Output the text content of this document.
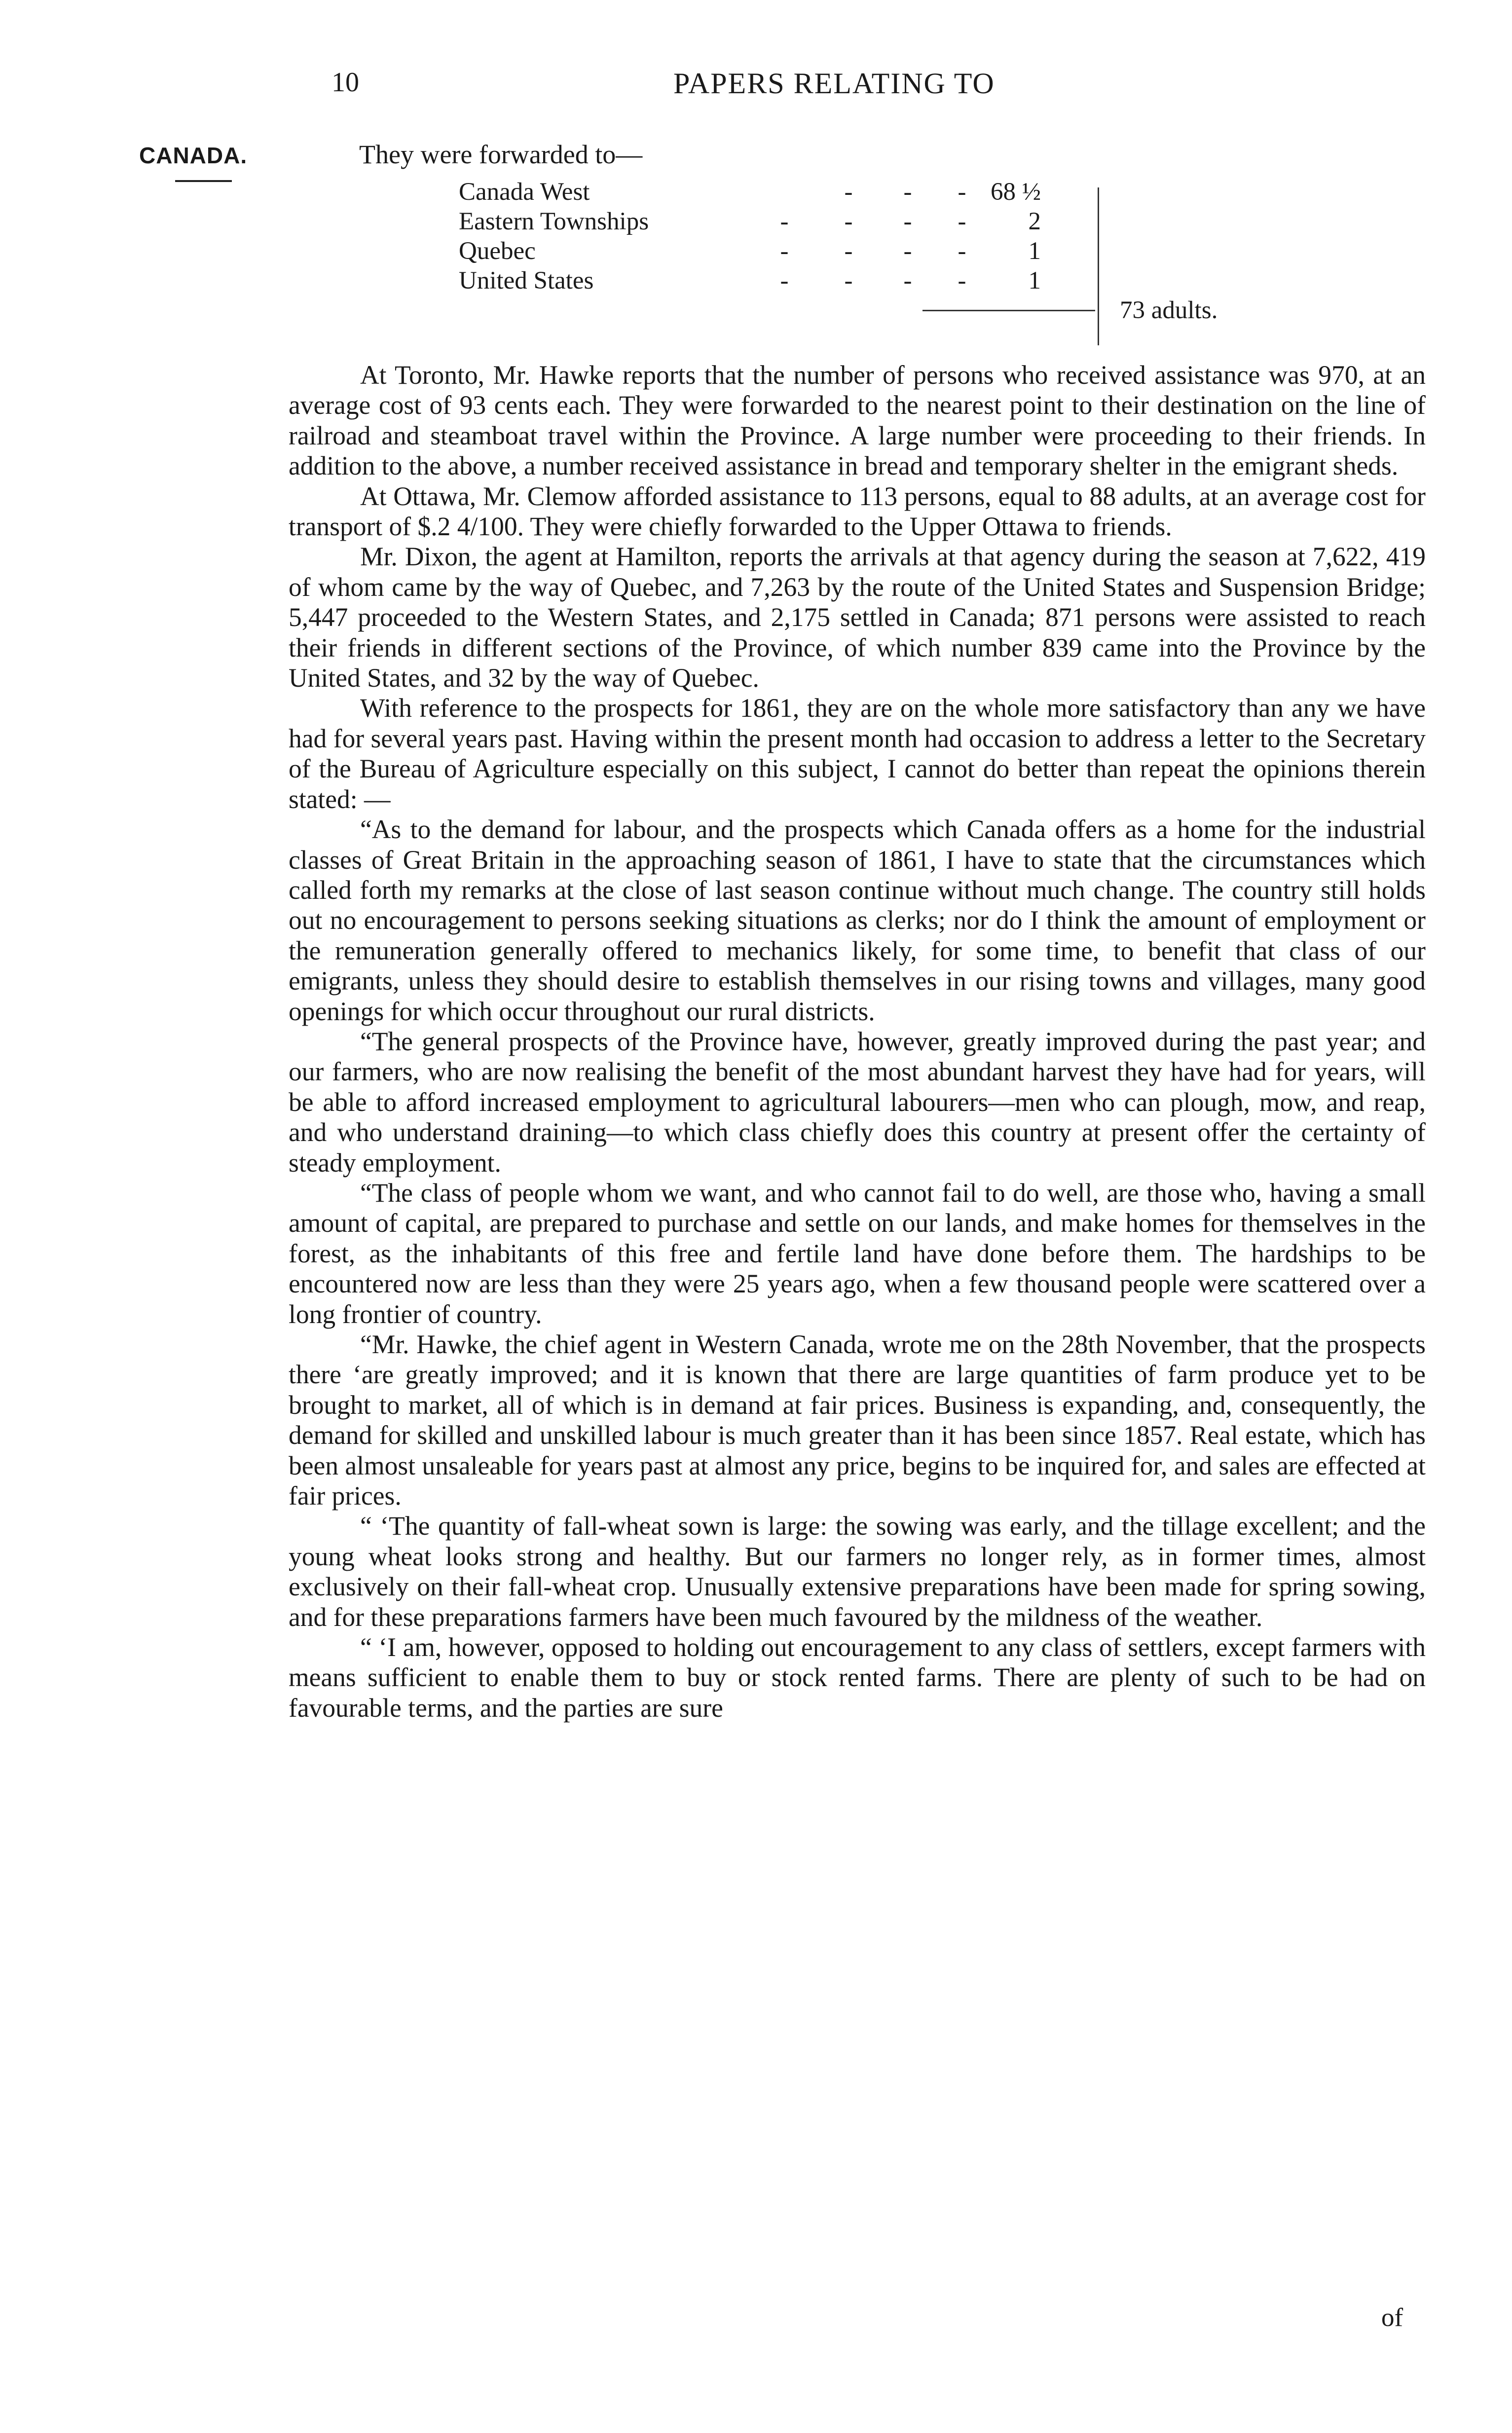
10	PAPERS RELATING TO
CANADA.	They were forwarded to—
Canada West	- - - 68 ½
Eastern Townships	- - - -	2
Quebec	- - - -	1
United States	- - - -	1
73 adults.

At Toronto, Mr. Hawke reports that the number of persons who received assistance was 970, at an average cost of 93 cents each. They were forwarded to the nearest point to their destination on the line of railroad and steamboat travel within the Province. A large number were proceeding to their friends. In addition to the above, a number received assistance in bread and temporary shelter in the emigrant sheds.

At Ottawa, Mr. Clemow afforded assistance to 113 persons, equal to 88 adults, at an average cost for transport of $.2 4/100. They were chiefly forwarded to the Upper Ottawa to friends.

Mr. Dixon, the agent at Hamilton, reports the arrivals at that agency during the season at 7,622, 419 of whom came by the way of Quebec, and 7,263 by the route of the United States and Suspension Bridge; 5,447 proceeded to the Western States, and 2,175 settled in Canada; 871 persons were assisted to reach their friends in different sections of the Province, of which number 839 came into the Province by the United States, and 32 by the way of Quebec.

With reference to the prospects for 1861, they are on the whole more satisfactory than any we have had for several years past. Having within the present month had occasion to address a letter to the Secretary of the Bureau of Agriculture especially on this subject, I cannot do better than repeat the opinions therein stated: —

“As to the demand for labour, and the prospects which Canada offers as a home for the industrial classes of Great Britain in the approaching season of 1861, I have to state that the circumstances which called forth my remarks at the close of last season continue without much change. The country still holds out no encouragement to persons seeking situations as clerks; nor do I think the amount of employment or the remuneration generally offered to mechanics likely, for some time, to benefit that class of our emigrants, unless they should desire to establish themselves in our rising towns and villages, many good openings for which occur throughout our rural districts.

“The general prospects of the Province have, however, greatly improved during the past year; and our farmers, who are now realising the benefit of the most abundant harvest they have had for years, will be able to afford increased employment to agricultural labourers—men who can plough, mow, and reap, and who understand draining—to which class chiefly does this country at present offer the certainty of steady employment.

“The class of people whom we want, and who cannot fail to do well, are those who, having a small amount of capital, are prepared to purchase and settle on our lands, and make homes for themselves in the forest, as the inhabitants of this free and fertile land have done before them. The hardships to be encountered now are less than they were 25 years ago, when a few thousand people were scattered over a long frontier of country.

“Mr. Hawke, the chief agent in Western Canada, wrote me on the 28th November, that the prospects there ‘are greatly improved; and it is known that there are large quantities of farm produce yet to be brought to market, all of which is in demand at fair prices. Business is expanding, and, consequently, the demand for skilled and unskilled labour is much greater than it has been since 1857. Real estate, which has been almost unsaleable for years past at almost any price, begins to be inquired for, and sales are effected at fair prices.

“ ‘The quantity of fall-wheat sown is large: the sowing was early, and the tillage excellent; and the young wheat looks strong and healthy. But our farmers no longer rely, as in former times, almost exclusively on their fall-wheat crop. Unusually extensive preparations have been made for spring sowing, and for these preparations farmers have been much favoured by the mildness of the weather.

“ ‘I am, however, opposed to holding out encouragement to any class of settlers, except farmers with means sufficient to enable them to buy or stock rented farms. There are plenty of such to be had on favourable terms, and the parties are sure

of
